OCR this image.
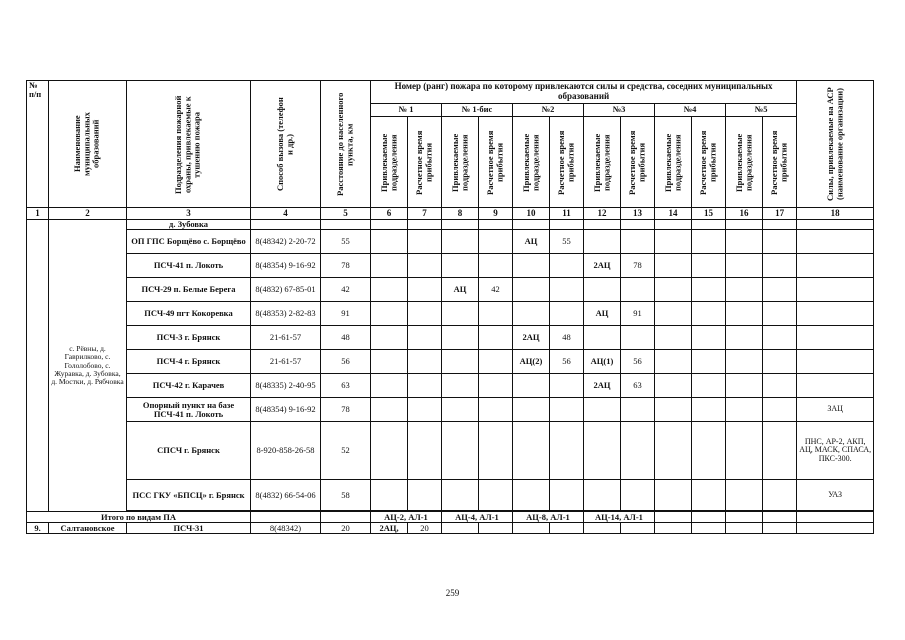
№
п/п	Наименование муниципальных образований	Подразделения пожарной охраны, привлекаемые к тушению пожара	Способ вызова (телефон и др.)	Расстояние до населенного пункта, км	Номер (ранг) пожара по которому привлекаются силы и средства, соседних муниципальных образований												Силы, привлекаемые на АСР (наименование организации)

					№ 1		№ 1-бис		№2		№3		№4		№5		

					Привлекаемые подразделения	Расчетное время прибытия	Привлекаемые подразделения	Расчетное время прибытия	Привлекаемые подразделения	Расчетное время прибытия	Привлекаемые подразделения	Расчетное время прибытия	Привлекаемые подразделения	Расчетное время прибытия	Привлекаемые подразделения	Расчетное время прибытия	

1	2	3	4	5	6	7	8	9	10	11	12	13	14	15	16	17	18
	с. Рёвны, д. Гаврилково, с. Гололобово, с. Журавка, д. Зубовка, д. Мостки, д. Рябчовка	д. Зубовка															
		ОП ГПС Борщёво с. Борщёво	8(48342) 2-20-72	55					АЦ	55							
		ПСЧ-41 п. Локоть	8(48354) 9-16-92	78							2АЦ	78					
		ПСЧ-29 п. Белые Берега	8(4832) 67-85-01	42			АЦ	42									
		ПСЧ-49 пгт Кокоревка	8(48353) 2-82-83	91							АЦ	91					
		ПСЧ-3 г. Брянск	21-61-57	48					2АЦ	48							
		ПСЧ-4 г. Брянск	21-61-57	56					АЦ(2)	56	АЦ(1)	56					
		ПСЧ-42 г. Карачев	8(48335) 2-40-95	63							2АЦ	63					
		Опорный пункт на базе ПСЧ-41 п. Локоть	8(48354) 9-16-92	78													ЗАЦ
		СПСЧ г. Брянск	8-920-858-26-58	52													ПНС, АР-2, АКП, АЦ, МАСК, СПАСА, ПКС-300.
		ПСС ГКУ «БПСЦ» г. Брянск	8(4832) 66-54-06	58													УАЗ

Итого по видам ПА					АЦ-2, АЛ-1		АЦ-4, АЛ-1		АЦ-8, АЛ-1		АЦ-14, АЛ-1						
9.	Салтановское	ПСЧ-31	8(48342)	20	2АЦ,	20											
259
